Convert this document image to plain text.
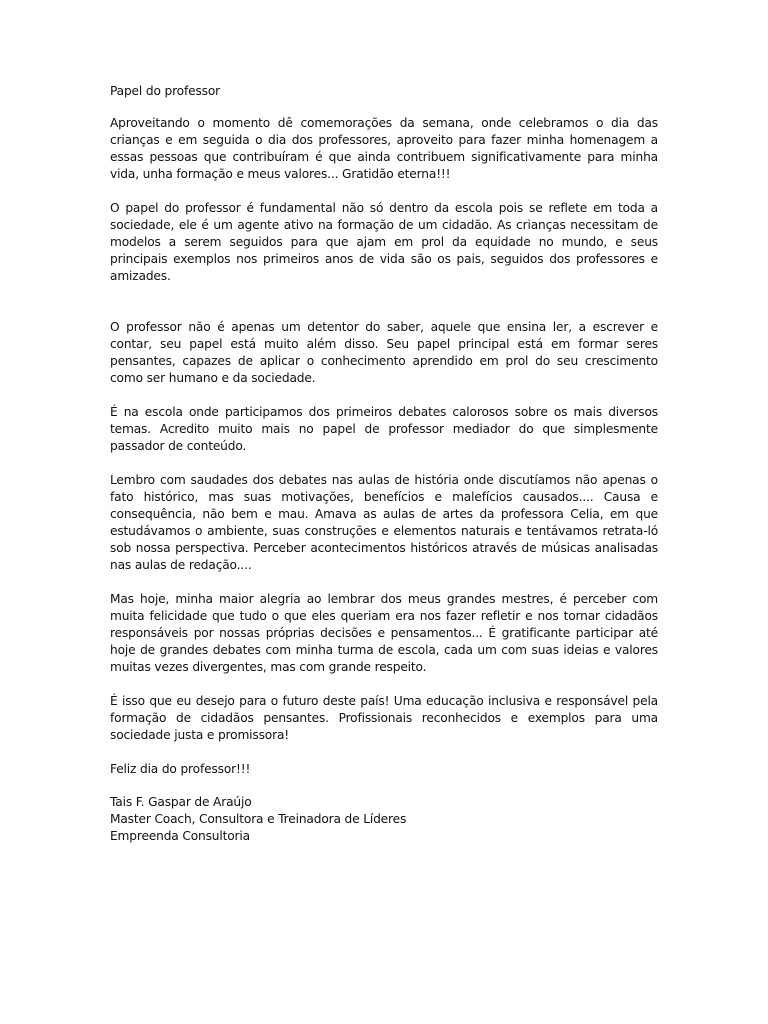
Papel do professor

Aproveitando o momento dê comemorações da semana, onde celebramos o dia das crianças e em seguida o dia dos professores, aproveito para fazer minha homenagem a essas pessoas que contribuíram é que ainda contribuem significativamente para minha vida, unha formação e meus valores... Gratidão eterna!!!

O papel do professor é fundamental não só dentro da escola pois se reflete em toda a sociedade, ele é um agente ativo na formação de um cidadão. As crianças necessitam de modelos a serem seguidos para que ajam em prol da equidade no mundo, e seus principais exemplos nos primeiros anos de vida são os pais, seguidos dos professores e amizades.

O professor não é apenas um detentor do saber, aquele que ensina ler, a escrever e contar, seu papel está muito além disso. Seu papel principal está em formar seres pensantes, capazes de aplicar o conhecimento aprendido em prol do seu crescimento como ser humano e da sociedade.

É na escola onde participamos dos primeiros debates calorosos sobre os mais diversos temas. Acredito muito mais no papel de professor mediador do que simplesmente passador de conteúdo.

Lembro com saudades dos debates nas aulas de história onde discutíamos não apenas o fato histórico, mas suas motivações, benefícios e malefícios causados.... Causa e consequência, não bem e mau. Amava as aulas de artes da professora Celia, em que estudávamos o ambiente, suas construções e elementos naturais e tentávamos retrata-ló sob nossa perspectiva. Perceber acontecimentos históricos através de músicas analisadas nas aulas de redação....

Mas hoje, minha maior alegria ao lembrar dos meus grandes mestres, é perceber com muita felicidade que tudo o que eles queriam era nos fazer refletir e nos tornar cidadãos responsáveis por nossas próprias decisões e pensamentos... É gratificante participar até hoje de grandes debates com minha turma de escola, cada um com suas ideias e valores muitas vezes divergentes, mas com grande respeito.

É isso que eu desejo para o futuro deste país! Uma educação inclusiva e responsável pela formação de cidadãos pensantes. Profissionais reconhecidos e exemplos para uma sociedade justa e promissora!

Feliz dia do professor!!!

Tais F. Gaspar de Araújo

Master Coach, Consultora e Treinadora de Líderes

Empreenda Consultoria
